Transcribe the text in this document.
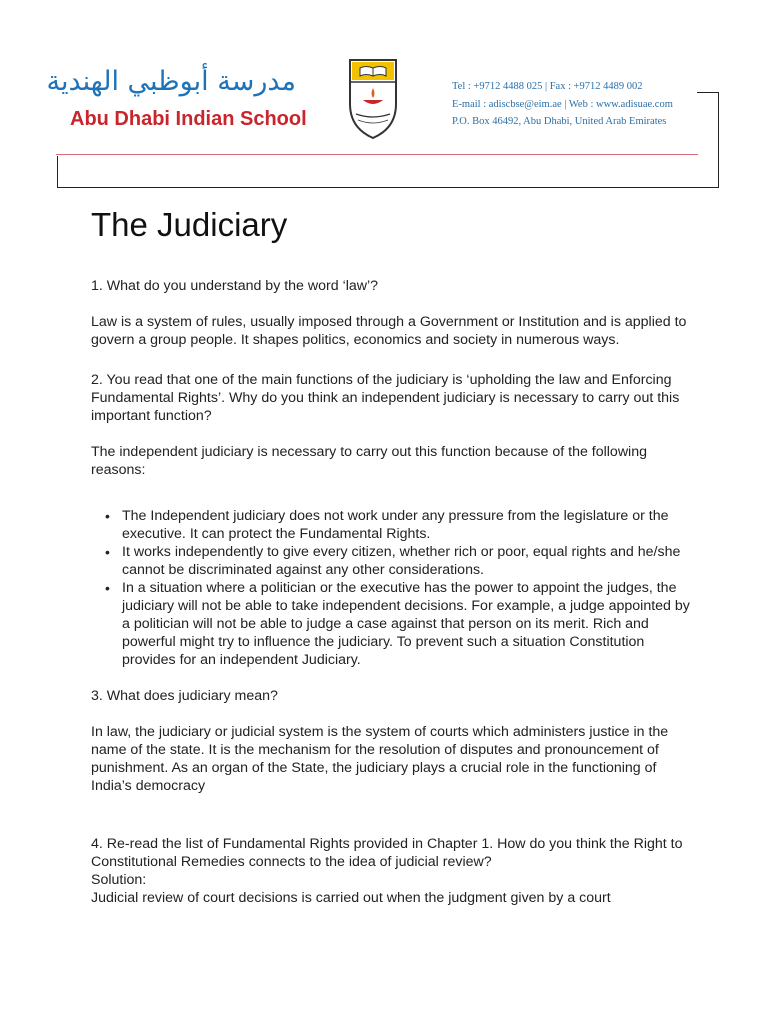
مدرسة أبوظبي الهندية
Abu Dhabi Indian School
Tel : +9712 4488 025 | Fax : +9712 4489 002
E-mail : adiscbse@eim.ae | Web : www.adisuae.com
P.O. Box 46492, Abu Dhabi, United Arab Emirates
The Judiciary

1. What do you understand by the word ‘law’?

Law is a system of rules, usually imposed through a Government or Institution and is applied to govern a group people. It shapes politics, economics and society in numerous ways.

2. You read that one of the main functions of the judiciary is ‘upholding the law and Enforcing Fundamental Rights’. Why do you think an independent judiciary is necessary to carry out this important function?

The independent judiciary is necessary to carry out this function because of the following reasons:

• The Independent judiciary does not work under any pressure from the legislature or the executive. It can protect the Fundamental Rights.
• It works independently to give every citizen, whether rich or poor, equal rights and he/she cannot be discriminated against any other considerations.
• In a situation where a politician or the executive has the power to appoint the judges, the judiciary will not be able to take independent decisions. For example, a judge appointed by a politician will not be able to judge a case against that person on its merit. Rich and powerful might try to influence the judiciary. To prevent such a situation Constitution provides for an independent Judiciary.

3. What does judiciary mean?

In law, the judiciary or judicial system is the system of courts which administers justice in the name of the state. It is the mechanism for the resolution of disputes and pronouncement of punishment. As an organ of the State, the judiciary plays a crucial role in the functioning of India’s democracy

4. Re-read the list of Fundamental Rights provided in Chapter 1. How do you think the Right to Constitutional Remedies connects to the idea of judicial review?

Solution:

Judicial review of court decisions is carried out when the judgment given by a court
